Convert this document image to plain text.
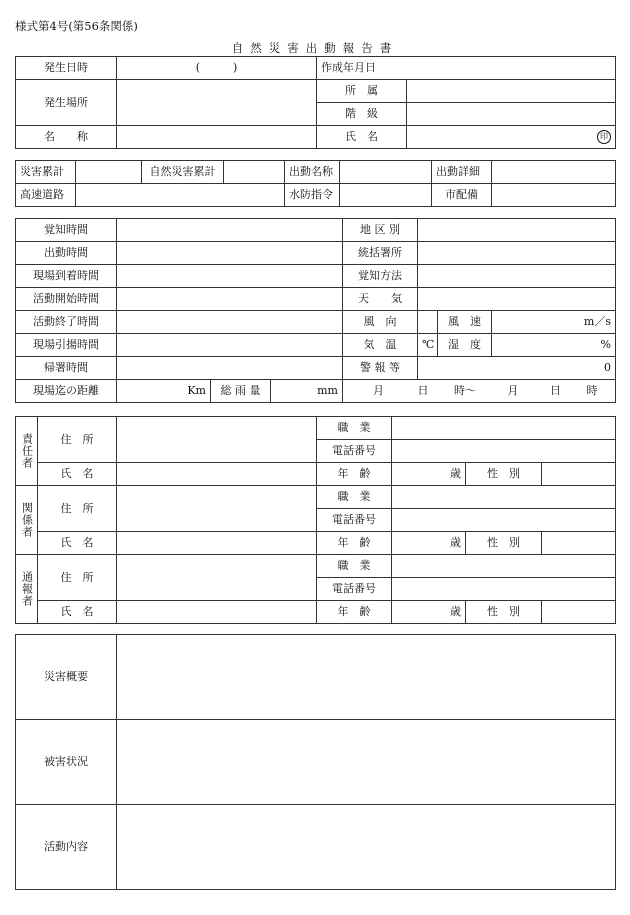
様式第4号(第56条関係)
自然災害出動報告書
発生日時	(　　　)	作成年月日	
発生場所		所　属	
		階　級	
名　　称		氏　名	印
災害累計		自然災害累計		出動名称		出動詳細	
高速道路				水防指令		市配備	
覚知時間				地 区 別			
出動時間				統括署所			
現場到着時間				覚知方法			
活動開始時間				天　　気			
活動終了時間				風　向		風　速	m／s
現場引揚時間				気　温	℃	湿　度	%
帰署時間				警 報 等	0		
現場迄の距離	Km	総 雨 量	mm	月 日 時〜 月 日 時			
責任者	住　所		職　業			
			電話番号			
	氏　名		年　齢	歳	性　別	
関係者	住　所		職　業			
			電話番号			
	氏　名		年　齢	歳	性　別	
通報者	住　所		職　業			
			電話番号			
	氏　名		年　齢	歳	性　別	
災害概要	
被害状況	
活動内容	
